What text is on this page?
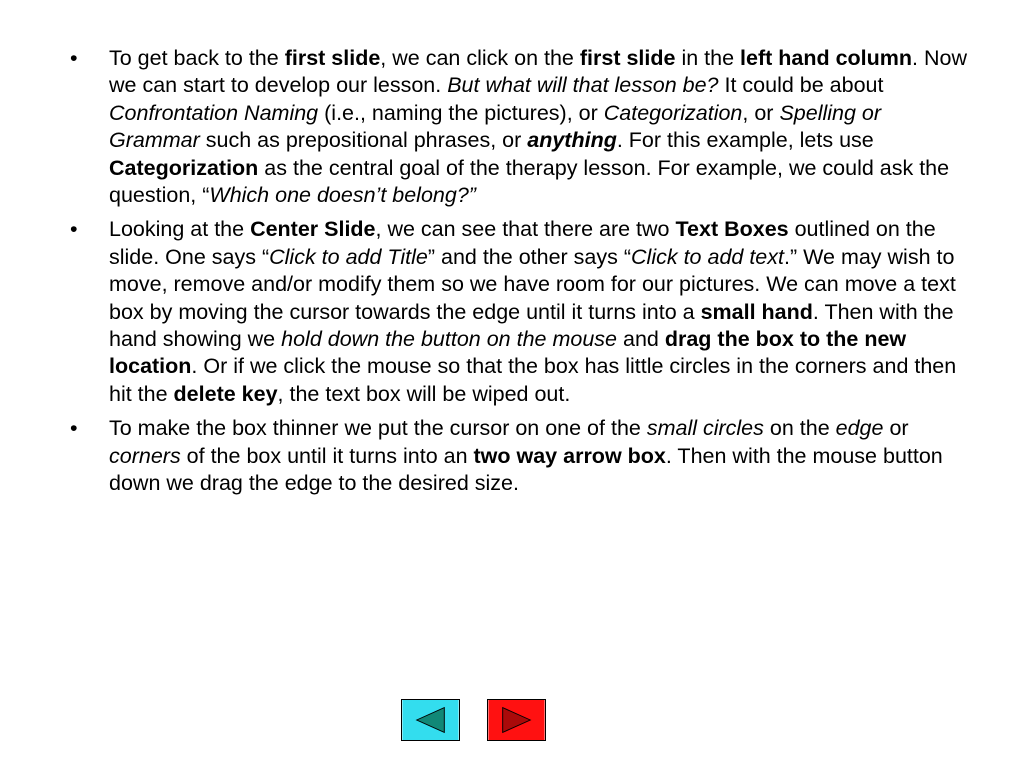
• To get back to the first slide, we can click on the first slide in the left hand column. Now we can start to develop our lesson. But what will that lesson be? It could be about Confrontation Naming (i.e., naming the pictures), or Categorization, or Spelling or Grammar such as prepositional phrases, or anything. For this example, lets use Categorization as the central goal of the therapy lesson. For example, we could ask the question, “Which one doesn’t belong?”
• Looking at the Center Slide, we can see that there are two Text Boxes outlined on the slide. One says “Click to add Title” and the other says “Click to add text.” We may wish to move, remove and/or modify them so we have room for our pictures. We can move a text box by moving the cursor towards the edge until it turns into a small hand. Then with the hand showing we hold down the button on the mouse and drag the box to the new location. Or if we click the mouse so that the box has little circles in the corners and then hit the delete key, the text box will be wiped out.
• To make the box thinner we put the cursor on one of the small circles on the edge or corners of the box until it turns into an two way arrow box. Then with the mouse button down we drag the edge to the desired size.
